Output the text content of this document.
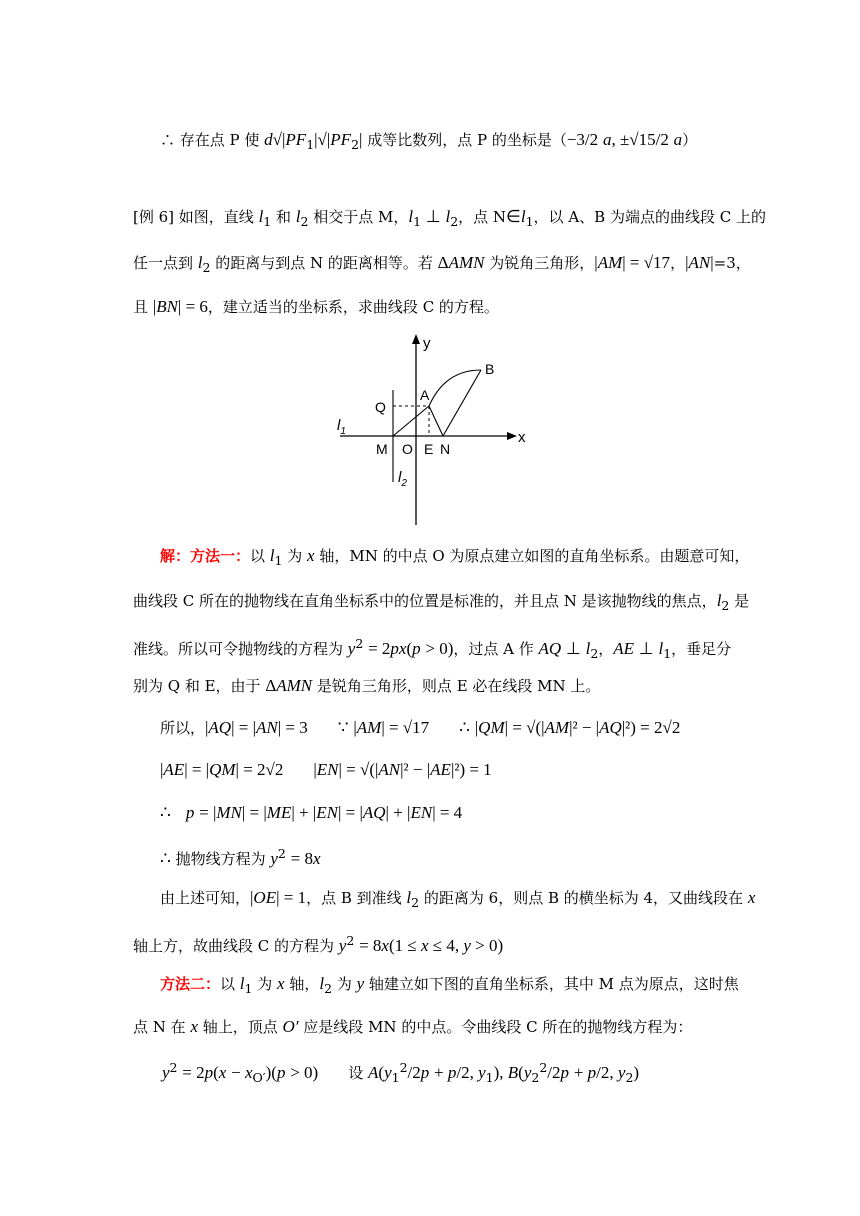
∴ 存在点 P 使 $d√|PF_1|√|PF_2|$ 成等比数列，点 P 的坐标是（−3/2 a, ±√15/2 a）
[例 6] 如图，直线 $l_1$ 和 $l_2$ 相交于点 M，$l_1$ ⊥ $l_2$，点 $N\in l_1$，以 A、B 为端点的曲线段 C 上的
任一点到 $l_2$ 的距离与到点 N 的距离相等。若 ΔAMN 为锐角三角形，|AM| = √17，|AN|=3，
且 |BN| = 6，建立适当的坐标系，求曲线段 C 的方程。
解：方法一：以 $l_1$ 为 x 轴，MN 的中点 O 为原点建立如图的直角坐标系。由题意可知，
曲线段 C 所在的抛物线在直角坐标系中的位置是标准的，并且点 N 是该抛物线的焦点，$l_2$ 是
准线。所以可令抛物线的方程为 $y^2 = 2px(p > 0)$，过点 A 作 AQ ⊥ $l_2$，AE ⊥ $l_1$，垂足分
别为 Q 和 E，由于 ΔAMN 是锐角三角形，则点 E 必在线段 MN 上。
所以，|AQ| = |AN| = 3　　 ∵ |AM| = √17　　 ∴ |QM| = √(|AM|² − |AQ|²) = 2√2
|AE| = |QM| = 2√2　　 |EN| = √(|AN|² − |AE|²) = 1
∴　 p = |MN| = |ME| + |EN| = |AQ| + |EN| = 4
∴ 抛物线方程为 $y^2 = 8x$
由上述可知，|OE| = 1，点 B 到准线 $l_2$ 的距离为 6，则点 B 的横坐标为 4，又曲线段在 x
轴上方，故曲线段 C 的方程为 $y^2 = 8x(1 \le x \le 4$, y > 0)
方法二：以 $l_1$ 为 x 轴，$l_2$ 为 y 轴建立如下图的直角坐标系，其中 M 点为原点，这时焦
点 N 在 x 轴上，顶点 O′ 应是线段 MN 的中点。令曲线段 C 所在的抛物线方程为：
$y^2 = 2p(x - x_{O'})(p > 0)$　　设 $A(y_1^2/2p + p/2$, $y_1$), $B(y_2^2/2p + p/2$, $y_2$)
y
x
B
A
Q
$l_1$
M O E N
$l_2$
